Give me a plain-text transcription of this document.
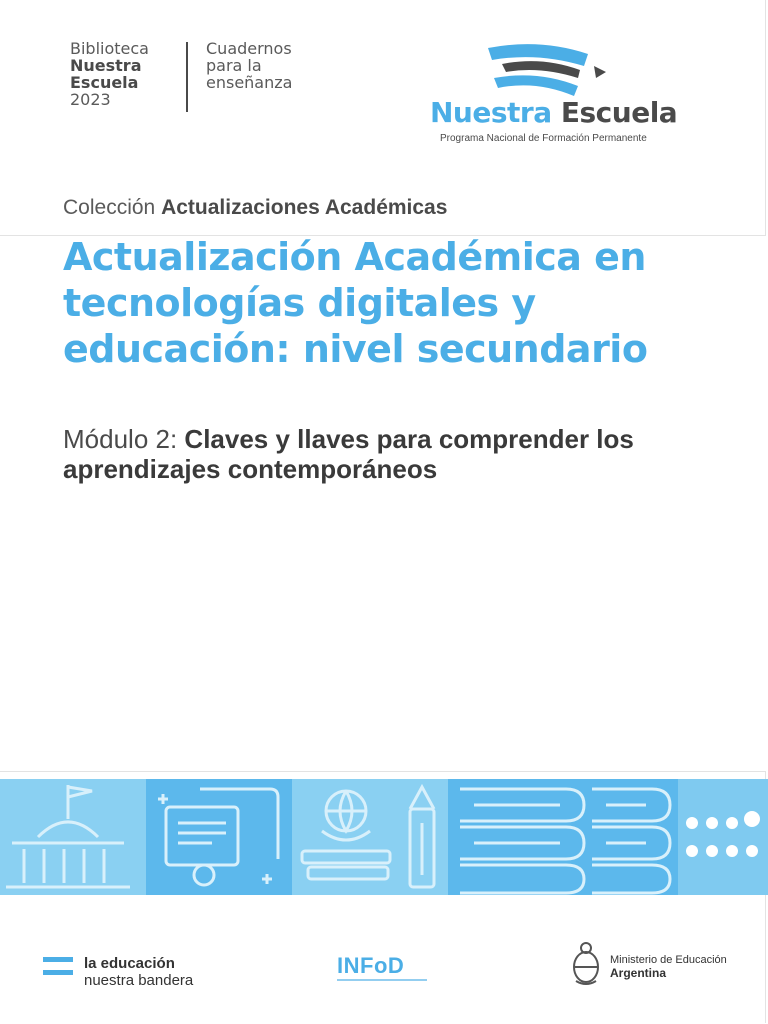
Biblioteca
Nuestra
Escuela
2023
Cuadernos
para la
enseñanza
Nuestra Escuela
Programa Nacional de Formación Permanente
Colección Actualizaciones Académicas
Actualización Académica en tecnologías digitales y educación: nivel secundario
Módulo 2: Claves y llaves para comprender los aprendizajes contemporáneos
la educación
nuestra bandera
INFoD	Ministerio de Educación
Argentina
